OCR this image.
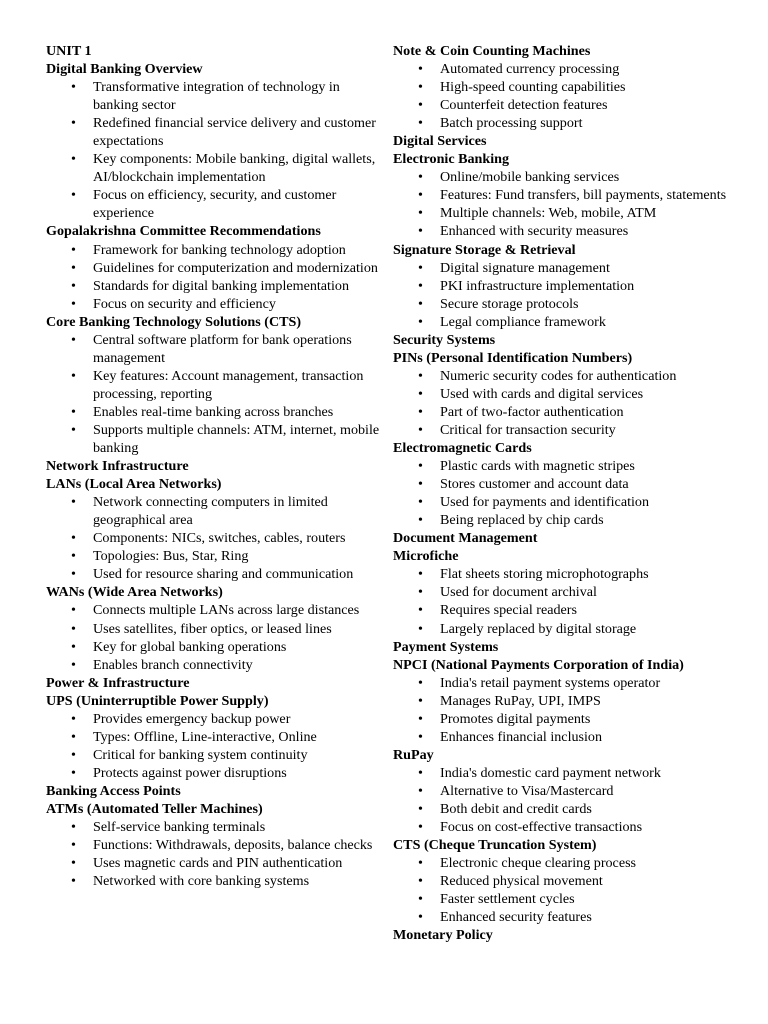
UNIT 1
Digital Banking Overview
• Transformative integration of technology in banking sector
• Redefined financial service delivery and customer expectations
• Key components: Mobile banking, digital wallets, AI/blockchain implementation
• Focus on efficiency, security, and customer experience
Gopalakrishna Committee Recommendations
• Framework for banking technology adoption
• Guidelines for computerization and modernization
• Standards for digital banking implementation
• Focus on security and efficiency
Core Banking Technology Solutions (CTS)
• Central software platform for bank operations management
• Key features: Account management, transaction processing, reporting
• Enables real-time banking across branches
• Supports multiple channels: ATM, internet, mobile banking
Network Infrastructure
LANs (Local Area Networks)
• Network connecting computers in limited geographical area
• Components: NICs, switches, cables, routers
• Topologies: Bus, Star, Ring
• Used for resource sharing and communication
WANs (Wide Area Networks)
• Connects multiple LANs across large distances
• Uses satellites, fiber optics, or leased lines
• Key for global banking operations
• Enables branch connectivity
Power & Infrastructure
UPS (Uninterruptible Power Supply)
• Provides emergency backup power
• Types: Offline, Line-interactive, Online
• Critical for banking system continuity
• Protects against power disruptions
Banking Access Points
ATMs (Automated Teller Machines)
• Self-service banking terminals
• Functions: Withdrawals, deposits, balance checks
• Uses magnetic cards and PIN authentication
• Networked with core banking systems
Note & Coin Counting Machines
• Automated currency processing
• High-speed counting capabilities
• Counterfeit detection features
• Batch processing support
Digital Services
Electronic Banking
• Online/mobile banking services
• Features: Fund transfers, bill payments, statements
• Multiple channels: Web, mobile, ATM
• Enhanced with security measures
Signature Storage & Retrieval
• Digital signature management
• PKI infrastructure implementation
• Secure storage protocols
• Legal compliance framework
Security Systems
PINs (Personal Identification Numbers)
• Numeric security codes for authentication
• Used with cards and digital services
• Part of two-factor authentication
• Critical for transaction security
Electromagnetic Cards
• Plastic cards with magnetic stripes
• Stores customer and account data
• Used for payments and identification
• Being replaced by chip cards
Document Management
Microfiche
• Flat sheets storing microphotographs
• Used for document archival
• Requires special readers
• Largely replaced by digital storage
Payment Systems
NPCI (National Payments Corporation of India)
• India's retail payment systems operator
• Manages RuPay, UPI, IMPS
• Promotes digital payments
• Enhances financial inclusion
RuPay
• India's domestic card payment network
• Alternative to Visa/Mastercard
• Both debit and credit cards
• Focus on cost-effective transactions
CTS (Cheque Truncation System)
• Electronic cheque clearing process
• Reduced physical movement
• Faster settlement cycles
• Enhanced security features
Monetary Policy
